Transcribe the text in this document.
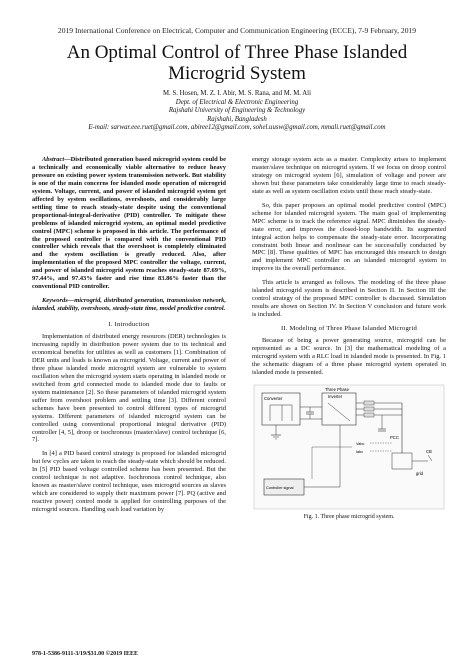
2019 International Conference on Electrical, Computer and Communication Engineering (ECCE), 7-9 February, 2019
An Optimal Control of Three Phase Islanded Microgrid System
M. S. Hosen, M. Z. I. Abir, M. S. Rana, and M. M. Ali
Dept. of Electrical & Electronic Engineering
Rajshahi University of Engineering & Technology
Rajshahi, Bangladesh
E-mail: sarwar.eee.ruet@gmail.com, abiree12@gmail.com, sohel.uusw@gmail.com, mmali.ruet@gmail.com

Abstract—Distributed generation based microgrid system could be a technically and economically viable alternative to reduce heavy pressure on existing power system transmission network. But stability is one of the main concerns for islanded mode operation of microgrid system. Voltage, current, and power of islanded microgrid system get affected by system oscillations, overshoots, and considerably large settling time to reach steady-state despite using the conventional proportional-integral-derivative (PID) controller. To mitigate these problems of islanded microgrid system, an optimal model predictive control (MPC) scheme is proposed in this article. The performance of the proposed controller is compared with the conventional PID controller which reveals that the overshoot is completely eliminated and the system oscillation is greatly reduced. Also, after implementation of the proposed MPC controller the voltage, current, and power of islanded microgrid system reaches steady-state 87.69%, 97.44%, and 97.43% faster and rise time 83.86% faster than the conventional PID controller.

Keywords—microgrid, distributed generation, transmission network, islanded, stability, overshoots, steady-state time, model predictive control.

I. Introduction

Implementation of distributed energy resources (DER) technologies is increasing rapidly in distribution power system due to its technical and economical benefits for utilities as well as customers [1]. Combination of DER units and loads is known as microgrid. Voltage, current and power of three phase islanded mode microgrid system are vulnerable to system oscillation when the microgrid system starts operating in islanded mode or switched from grid connected mode to islanded mode due to faults or system maintenance [2]. So these parameters of islanded microgrid system suffer from overshoot problem and settling time [3]. Different control schemes have been presented to control different types of microgrid systems. Different parameters of islanded microgrid system can be controlled using conventional proportional integral derivative (PID) controller [4, 5], droop or isochronous (master/slave) control technique [6, 7].

In [4] a PID based control strategy is proposed for islanded microgrid but few cycles are taken to reach the steady-state which should be reduced. In [5] PID based voltage controlled scheme has been presented. But the control technique is not adaptive. Isochronous control technique, also known as master/slave control technique, uses microgrid sources as slaves which are considered to supply their maximum power [7]. PQ (active and reactive power) control mode is applied for controlling purposes of the microgrid sources. Handling each load variation by

energy storage system acts as a master. Complexity arises to implement master/slave technique on microgrid system. If we focus on droop control strategy on microgrid system [6], simulation of voltage and power are shown but these parameters take considerably large time to reach steady-state as well as system oscillation exists until these reach steady-state.

So, this paper proposes an optimal model predictive control (MPC) scheme for islanded microgrid system. The main goal of implementing MPC scheme is to track the reference signal. MPC diminishes the steady-state error, and improves the closed-loop bandwidth. Its augmented integral action helps to compensate the steady-state error. Incorporating constraint both linear and nonlinear can be successfully conducted by MPC [8]. These qualities of MPC has encouraged this research to design and implement MPC controller on an islanded microgrid system to improve its the overall performance.

This article is arranged as follows. The modeling of the three phase islanded microgrid system is described in Section II. In Section III the control strategy of the proposed MPC controller is discussed. Simulation results are shown on Section IV. In Section V conclusion and future work is included.

II. Modeling of Three Phase Islanded Microgrid

Because of being a power generating source, microgrid can be represented as a DC source. In [3] the mathematical modeling of a microgrid system with a RLC load in islanded mode is presented. In Fig. 1 the schematic diagram of a three phase microgrid system operated in islanded mode is presented.

Converter
Three Phase
Inverter
PCC
CB
grid
Vabc
Iabc
Controller signal
Fig. 1. Three phase microgrid system.
978-1-5386-9111-3/19/$31.00 ©2019 IEEE
